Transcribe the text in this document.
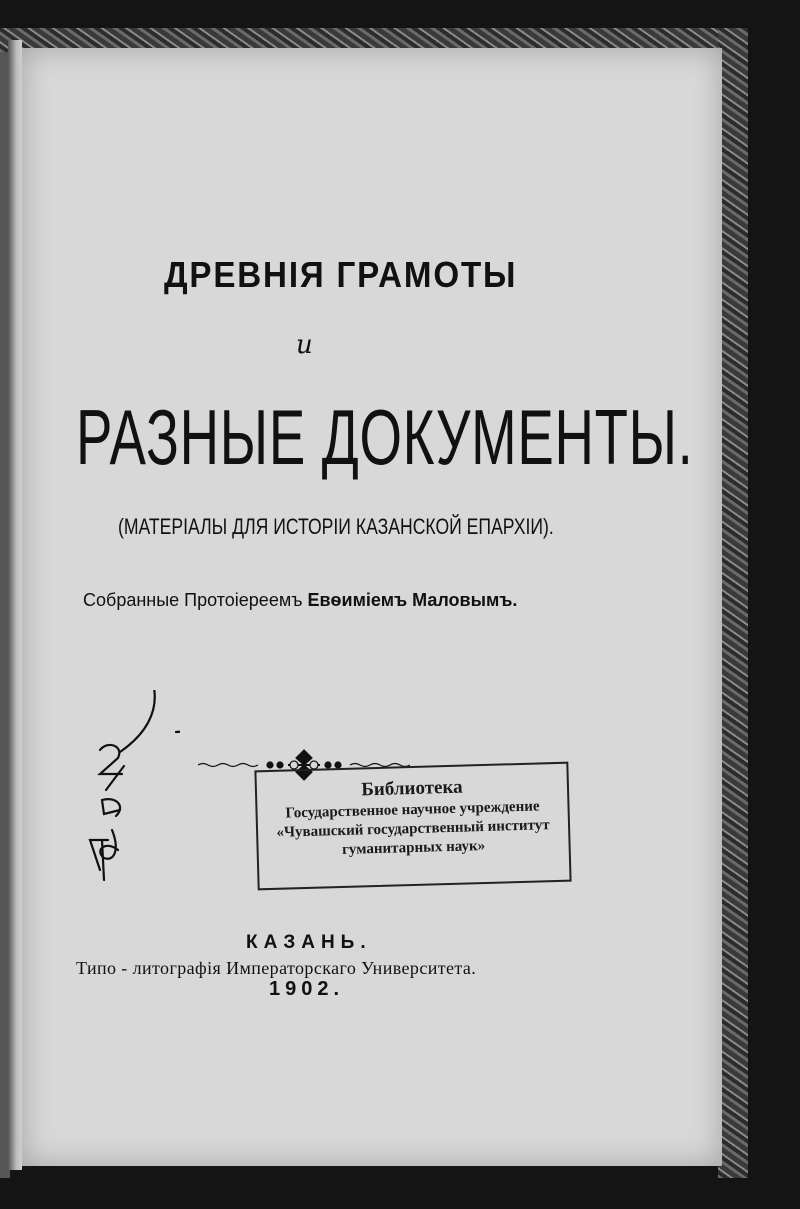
ДРЕВНІЯ ГРАМОТЫ
и
РАЗНЫЕ ДОКУМЕНТЫ.
(МАТЕРІАЛЫ ДЛЯ ИСТОРІИ КАЗАНСКОЙ ЕПАРХІИ).
Собранные Протоіереемъ Евѳиміемъ Маловымъ.
Библиотека
Государственное научное учреждение
«Чувашский государственный институт
гуманитарных наук»
КАЗАНЬ.
Типо - литографія Императорскаго Университета.
1902.
